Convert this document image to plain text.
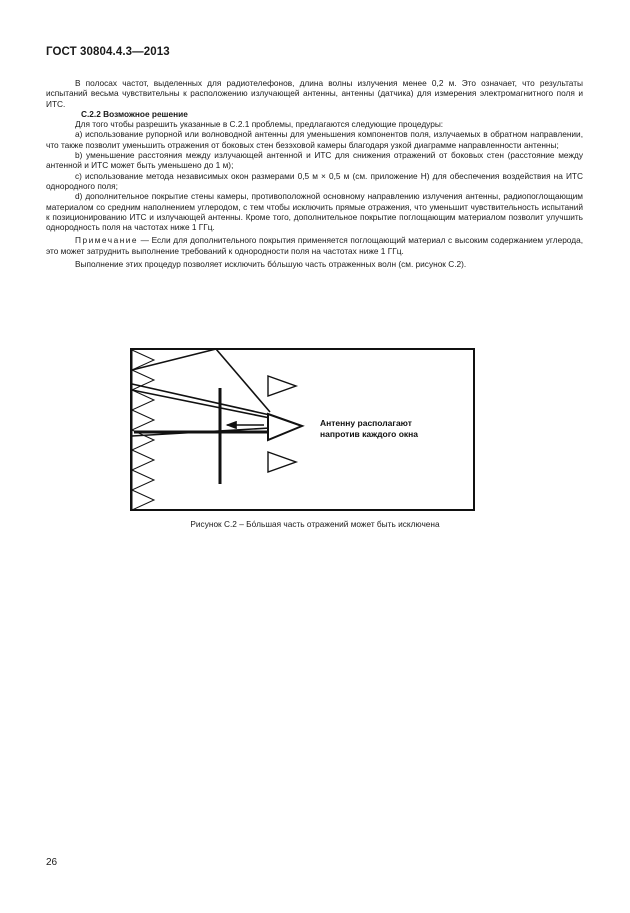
ГОСТ 30804.4.3—2013

В полосах частот, выделенных для радиотелефонов, длина волны излучения менее 0,2 м. Это означает, что результаты испытаний весьма чувствительны к расположению излучающей антенны, антенны (датчика) для измерения электромагнитного поля и ИТС.

С.2.2 Возможное решение

Для того чтобы разрешить указанные в С.2.1 проблемы, предлагаются следующие процедуры:

а) использование рупорной или волноводной антенны для уменьшения компонентов поля, излучаемых в обратном направлении, что также позволит уменьшить отражения от боковых стен безэховой камеры благодаря узкой диаграмме направленности антенны;

b) уменьшение расстояния между излучающей антенной и ИТС для снижения отражений от боковых стен (расстояние между антенной и ИТС может быть уменьшено до 1 м);

с) использование метода независимых окон размерами 0,5 м × 0,5 м (см. приложение Н) для обеспечения воздействия на ИТС однородного поля;

d) дополнительное покрытие стены камеры, противоположной основному направлению излучения антенны, радиопоглощающим материалом со средним наполнением углеродом, с тем чтобы исключить прямые отражения, что уменьшит чувствительность испытаний к позиционированию ИТС и излучающей антенны. Кроме того, дополнительное покрытие поглощающим материалом позволит улучшить однородность поля на частотах ниже 1 ГГц.

Примечание — Если для дополнительного покрытия применяется поглощающий материал с высоким содержанием углерода, это может затруднить выполнение требований к однородности поля на частотах ниже 1 ГГц.

Выполнение этих процедур позволяет исключить бо́льшую часть отраженных волн (см. рисунок С.2).

Антенну располагают
напротив каждого окна
Рисунок С.2 – Бо́льшая часть отражений может быть исключена
26
